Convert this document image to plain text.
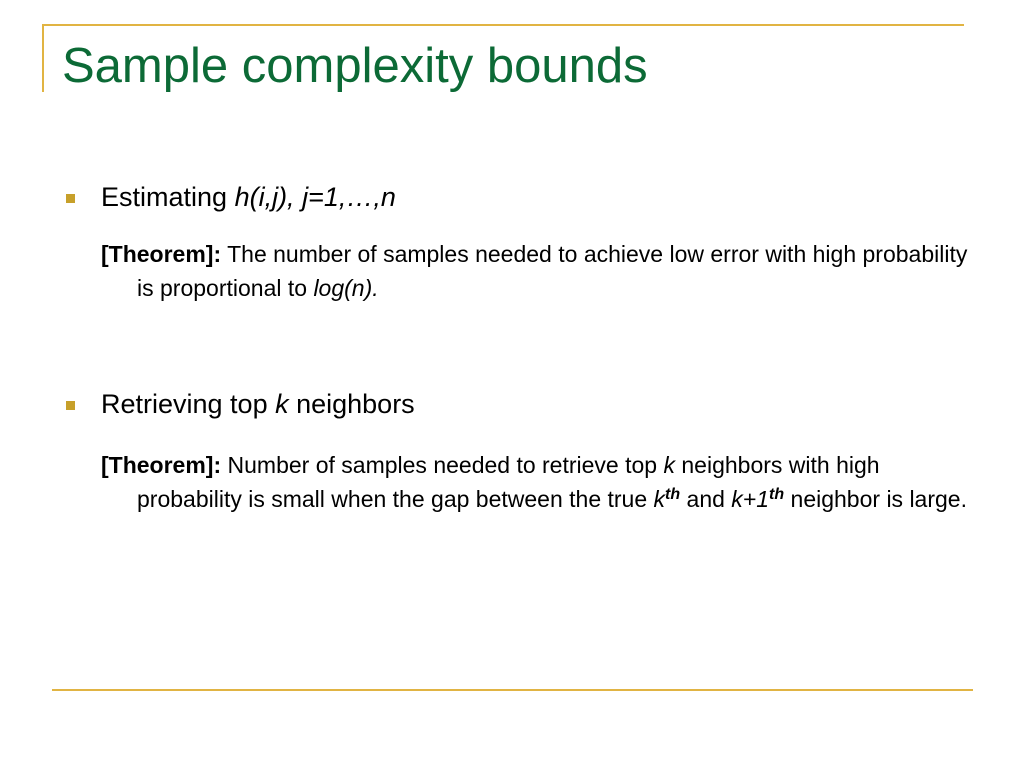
Sample complexity bounds
Estimating h(i,j), j=1,…,n
[Theorem]: The number of samples needed to achieve low error with high probability is proportional to log(n).
Retrieving top k neighbors
[Theorem]: Number of samples needed to retrieve top k neighbors with high probability is small when the gap between the true $k^{th}$ and k+1th neighbor is large.
